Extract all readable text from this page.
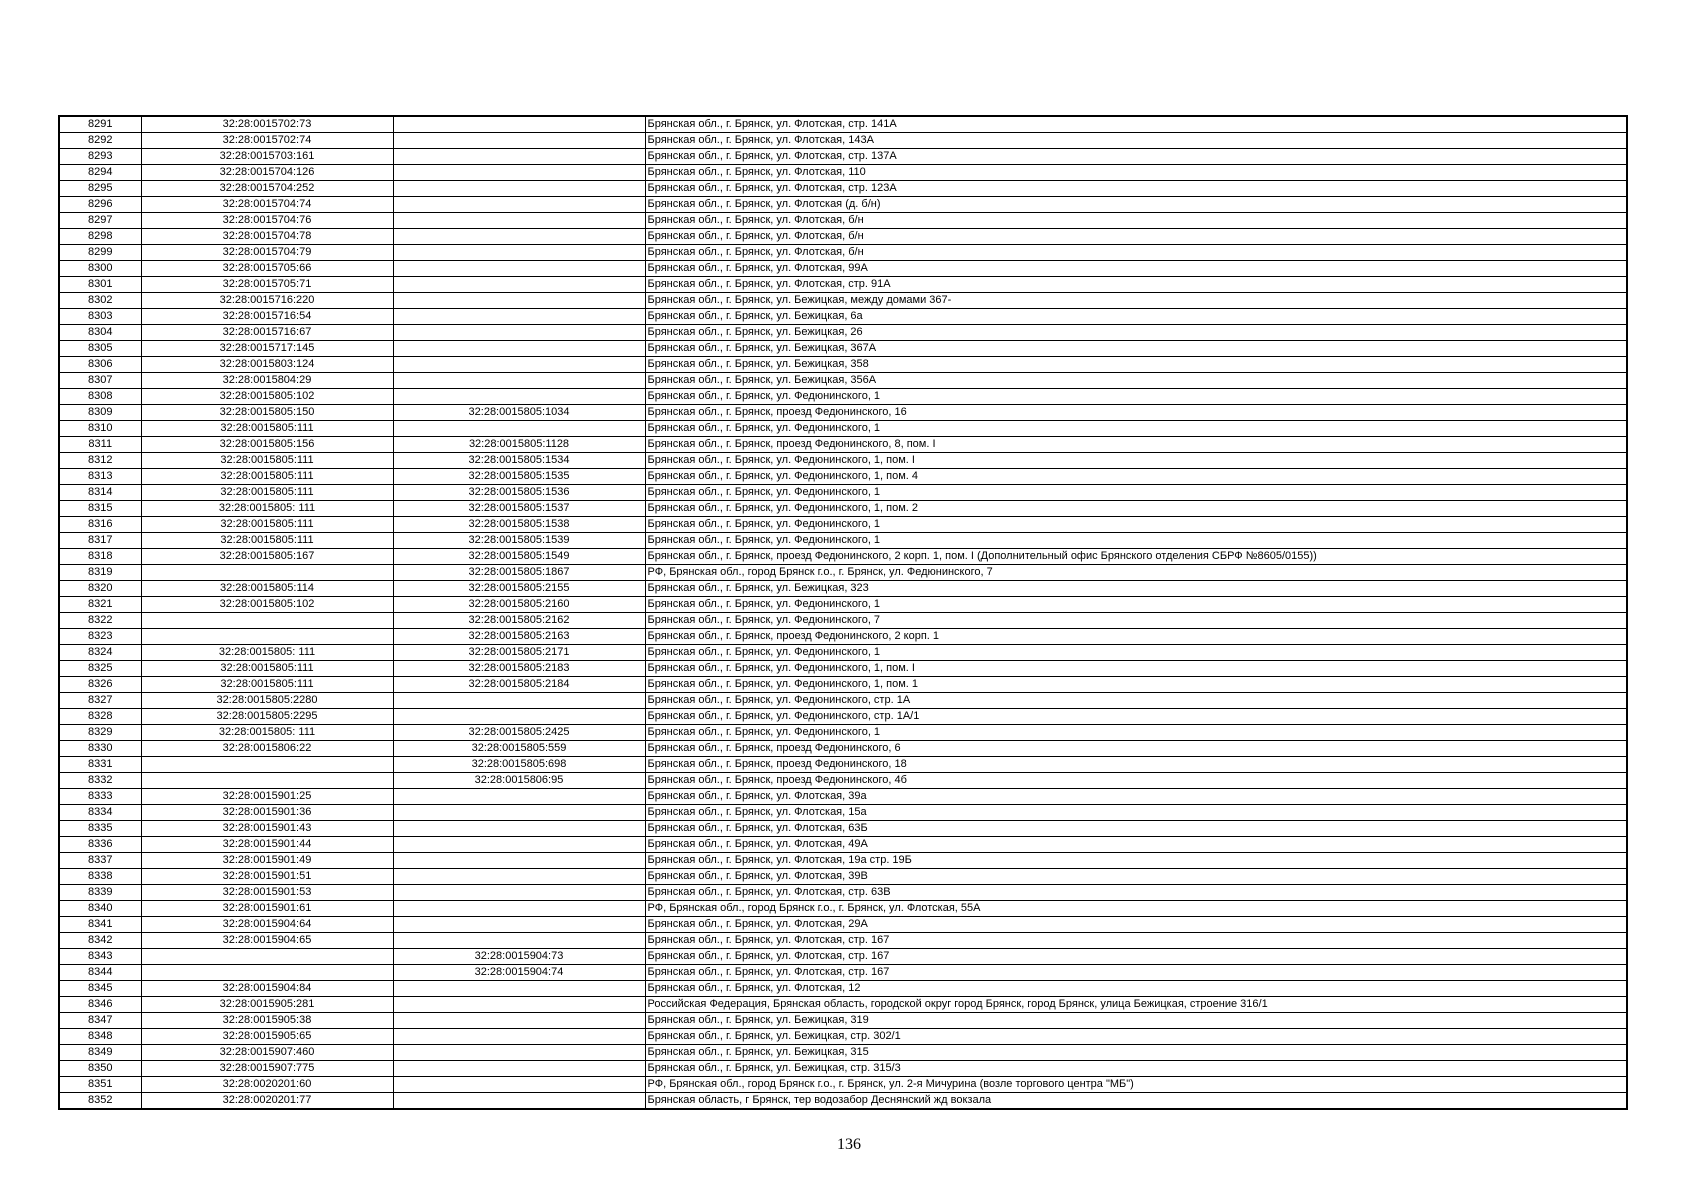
8291	32:28:0015702:73		Брянская обл., г. Брянск, ул. Флотская, стр. 141А
8292	32:28:0015702:74		Брянская обл., г. Брянск, ул. Флотская, 143А
8293	32:28:0015703:161		Брянская обл., г. Брянск, ул. Флотская, стр. 137А
8294	32:28:0015704:126		Брянская обл., г. Брянск, ул. Флотская, 110
8295	32:28:0015704:252		Брянская обл., г. Брянск, ул. Флотская, стр. 123А
8296	32:28:0015704:74		Брянская обл., г. Брянск, ул. Флотская (д. б/н)
8297	32:28:0015704:76		Брянская обл., г. Брянск, ул. Флотская, б/н
8298	32:28:0015704:78		Брянская обл., г. Брянск, ул. Флотская, б/н
8299	32:28:0015704:79		Брянская обл., г. Брянск, ул. Флотская, б/н
8300	32:28:0015705:66		Брянская обл., г. Брянск, ул. Флотская, 99А
8301	32:28:0015705:71		Брянская обл., г. Брянск, ул. Флотская, стр. 91А
8302	32:28:0015716:220		Брянская обл., г. Брянск, ул. Бежицкая, между домами 367-
8303	32:28:0015716:54		Брянская обл., г. Брянск, ул. Бежицкая, 6а
8304	32:28:0015716:67		Брянская обл., г. Брянск, ул. Бежицкая, 26
8305	32:28:0015717:145		Брянская обл., г. Брянск, ул. Бежицкая, 367А
8306	32:28:0015803:124		Брянская обл., г. Брянск, ул. Бежицкая, 358
8307	32:28:0015804:29		Брянская обл., г. Брянск, ул. Бежицкая, 356А
8308	32:28:0015805:102		Брянская обл., г. Брянск, ул. Федюнинского, 1
8309	32:28:0015805:150	32:28:0015805:1034	Брянская обл., г. Брянск, проезд Федюнинского, 16
8310	32:28:0015805:111		Брянская обл., г. Брянск, ул. Федюнинского, 1
8311	32:28:0015805:156	32:28:0015805:1128	Брянская обл., г. Брянск, проезд Федюнинского, 8, пом. I
8312	32:28:0015805:111	32:28:0015805:1534	Брянская обл., г. Брянск, ул. Федюнинского, 1, пом. I
8313	32:28:0015805:111	32:28:0015805:1535	Брянская обл., г. Брянск, ул. Федюнинского, 1, пом. 4
8314	32:28:0015805:111	32:28:0015805:1536	Брянская обл., г. Брянск, ул. Федюнинского, 1
8315	32:28:0015805: 111	32:28:0015805:1537	Брянская обл., г. Брянск, ул. Федюнинского, 1, пом. 2
8316	32:28:0015805:111	32:28:0015805:1538	Брянская обл., г. Брянск, ул. Федюнинского, 1
8317	32:28:0015805:111	32:28:0015805:1539	Брянская обл., г. Брянск, ул. Федюнинского, 1
8318	32:28:0015805:167	32:28:0015805:1549	Брянская обл., г. Брянск, проезд Федюнинского, 2 корп. 1, пом. I (Дополнительный офис Брянского отделения СБРФ №8605/0155))
8319		32:28:0015805:1867	РФ, Брянская обл., город Брянск г.о., г. Брянск, ул. Федюнинского, 7
8320	32:28:0015805:114	32:28:0015805:2155	Брянская обл., г. Брянск, ул. Бежицкая, 323
8321	32:28:0015805:102	32:28:0015805:2160	Брянская обл., г. Брянск, ул. Федюнинского, 1
8322		32:28:0015805:2162	Брянская обл., г. Брянск, ул. Федюнинского, 7
8323		32:28:0015805:2163	Брянская обл., г. Брянск, проезд Федюнинского, 2 корп. 1
8324	32:28:0015805: 111	32:28:0015805:2171	Брянская обл., г. Брянск, ул. Федюнинского, 1
8325	32:28:0015805:111	32:28:0015805:2183	Брянская обл., г. Брянск, ул. Федюнинского, 1, пом. I
8326	32:28:0015805:111	32:28:0015805:2184	Брянская обл., г. Брянск, ул. Федюнинского, 1, пом. 1
8327	32:28:0015805:2280		Брянская обл., г. Брянск, ул. Федюнинского, стр. 1А
8328	32:28:0015805:2295		Брянская обл., г. Брянск, ул. Федюнинского, стр. 1А/1
8329	32:28:0015805: 111	32:28:0015805:2425	Брянская обл., г. Брянск, ул. Федюнинского, 1
8330	32:28:0015806:22	32:28:0015805:559	Брянская обл., г. Брянск, проезд Федюнинского, 6
8331		32:28:0015805:698	Брянская обл., г. Брянск, проезд Федюнинского, 18
8332		32:28:0015806:95	Брянская обл., г. Брянск, проезд Федюнинского, 4б
8333	32:28:0015901:25		Брянская обл., г. Брянск, ул. Флотская, 39а
8334	32:28:0015901:36		Брянская обл., г. Брянск, ул. Флотская, 15а
8335	32:28:0015901:43		Брянская обл., г. Брянск, ул. Флотская, 63Б
8336	32:28:0015901:44		Брянская обл., г. Брянск, ул. Флотская, 49А
8337	32:28:0015901:49		Брянская обл., г. Брянск, ул. Флотская, 19а стр. 19Б
8338	32:28:0015901:51		Брянская обл., г. Брянск, ул. Флотская, 39В
8339	32:28:0015901:53		Брянская обл., г. Брянск, ул. Флотская, стр. 63В
8340	32:28:0015901:61		РФ, Брянская обл., город Брянск г.о., г. Брянск, ул. Флотская, 55А
8341	32:28:0015904:64		Брянская обл., г. Брянск, ул. Флотская, 29А
8342	32:28:0015904:65		Брянская обл., г. Брянск, ул. Флотская, стр. 167
8343		32:28:0015904:73	Брянская обл., г. Брянск, ул. Флотская, стр. 167
8344		32:28:0015904:74	Брянская обл., г. Брянск, ул. Флотская, стр. 167
8345	32:28:0015904:84		Брянская обл., г. Брянск, ул. Флотская, 12
8346	32:28:0015905:281		Российская Федерация, Брянская область, городской округ город Брянск, город Брянск, улица Бежицкая, строение 316/1
8347	32:28:0015905:38		Брянская обл., г. Брянск, ул. Бежицкая, 319
8348	32:28:0015905:65		Брянская обл., г. Брянск, ул. Бежицкая, стр. 302/1
8349	32:28:0015907:460		Брянская обл., г. Брянск, ул. Бежицкая, 315
8350	32:28:0015907:775		Брянская обл., г. Брянск, ул. Бежицкая, стр. 315/3
8351	32:28:0020201:60		РФ, Брянская обл., город Брянск г.о., г. Брянск, ул. 2-я Мичурина (возле торгового центра "МБ")
8352	32:28:0020201:77		Брянская область, г Брянск, тер водозабор Деснянский жд вокзала
136
